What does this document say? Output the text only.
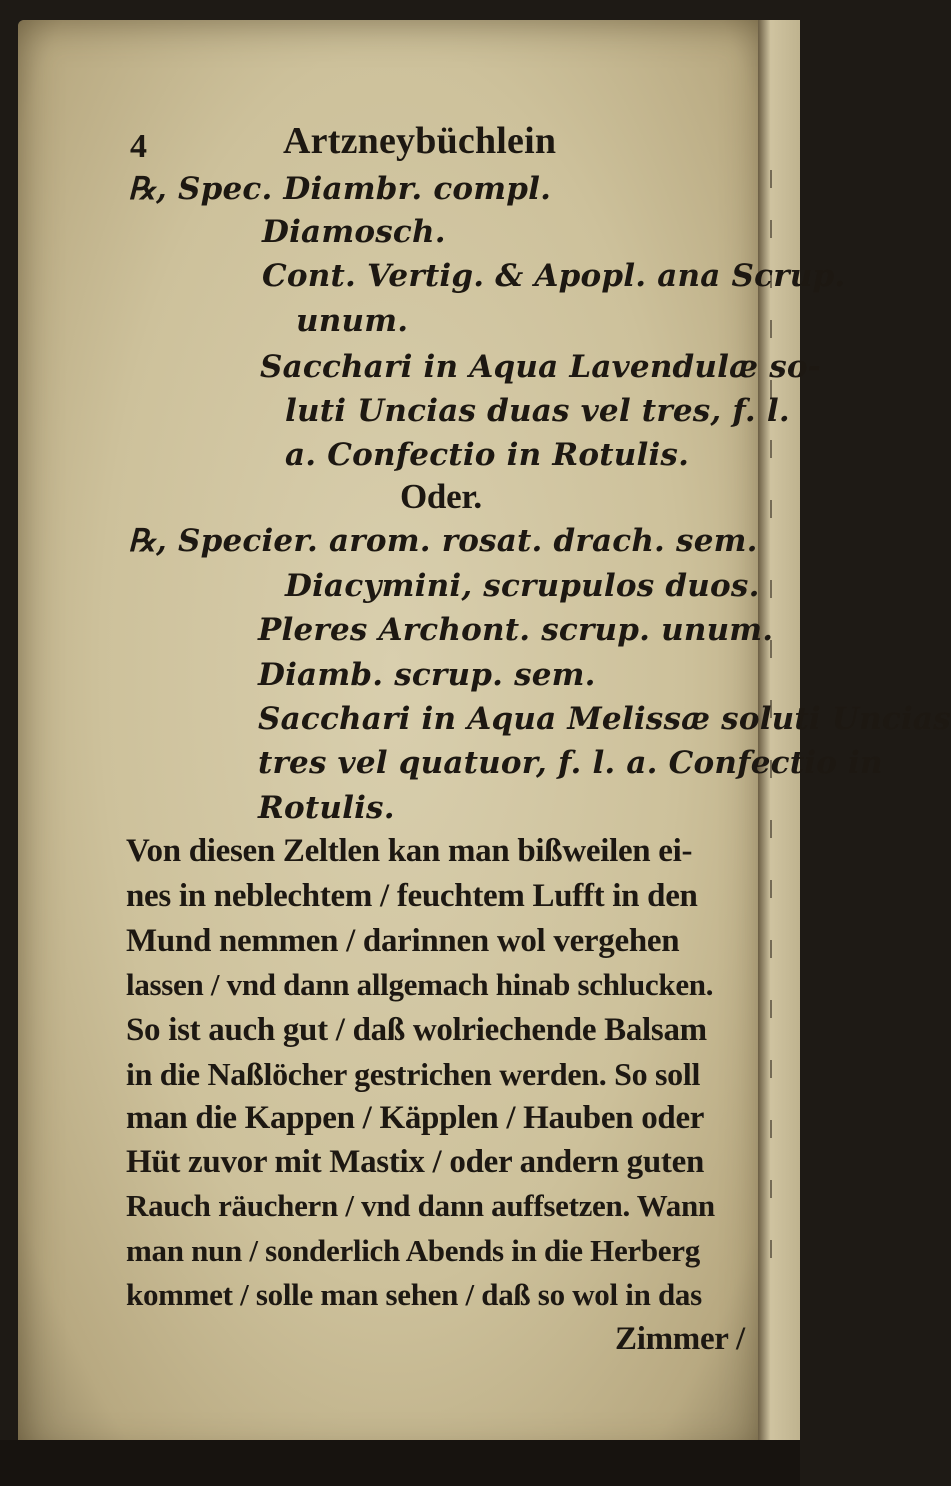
4	Artzneybüchlein
℞, Spec. Diambr. compl.
Diamosch.
Cont. Vertig. & Apopl. ana Scrup.
unum.
Sacchari in Aqua Lavendulæ so-
luti Uncias duas vel tres, f. l.
a. Confectio in Rotulis.
Oder.
℞, Specier. arom. rosat. drach. sem.
Diacymini, scrupulos duos.
Pleres Archont. scrup. unum.
Diamb. scrup. sem.
Sacchari in Aqua Melissæ soluti Uncias
tres vel quatuor, f. l. a. Confectio in
Rotulis.
Von diesen Zeltlen kan man bißweilen ei-
nes in neblechtem / feuchtem Lufft in den
Mund nemmen / darinnen wol vergehen
lassen / vnd dann allgemach hinab schlucken.
So ist auch gut / daß wolriechende Balsam
in die Naßlöcher gestrichen werden. So soll
man die Kappen / Käpplen / Hauben oder
Hüt zuvor mit Mastix / oder andern guten
Rauch räuchern / vnd dann auffsetzen. Wann
man nun / sonderlich Abends in die Herberg
kommet / solle man sehen / daß so wol in das
Zimmer /
